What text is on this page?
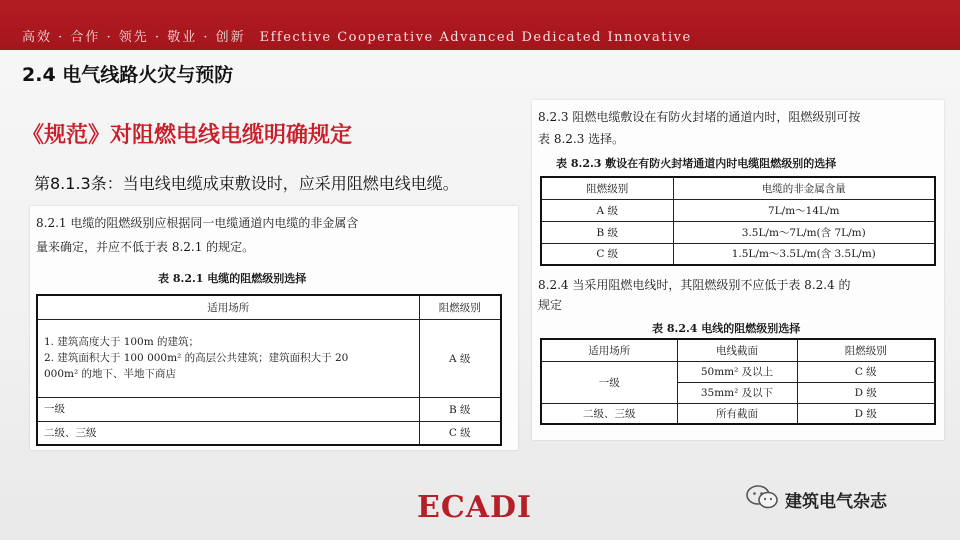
高效 · 合作 · 领先 · 敬业 · 创新 Effective Cooperative Advanced Dedicated Innovative
2.4 电气线路火灾与预防
《规范》对阻燃电线电缆明确规定
第8.1.3条：当电线电缆成束敷设时，应采用阻燃电线电缆。
8.2.1 电缆的阻燃级别应根据同一电缆通道内电缆的非金属含
量来确定，并应不低于表 8.2.1 的规定。
表 8.2.1 电缆的阻燃级别选择
适用场所	阻燃级别

1. 建筑高度大于 100m 的建筑；
2. 建筑面积大于 100 000m² 的高层公共建筑；建筑面积大于 20
000m² 的地下、半地下商店	A 级
一级	B 级
二级、三级	C 级
8.2.3 阻燃电缆敷设在有防火封堵的通道内时，阻燃级别可按
表 8.2.3 选择。
表 8.2.3 敷设在有防火封堵通道内时电缆阻燃级别的选择
阻燃级别	电缆的非金属含量
A 级	7L/m～14L/m
B 级	3.5L/m～7L/m(含 7L/m)
C 级	1.5L/m～3.5L/m(含 3.5L/m)
8.2.4 当采用阻燃电线时，其阻燃级别不应低于表 8.2.4 的
规定
表 8.2.4 电线的阻燃级别选择
适用场所	电线截面	阻燃级别
一级	50mm² 及以上	C 级
	35mm² 及以下	D 级
二级、三级	所有截面	D 级
ECADI	建筑电气杂志
